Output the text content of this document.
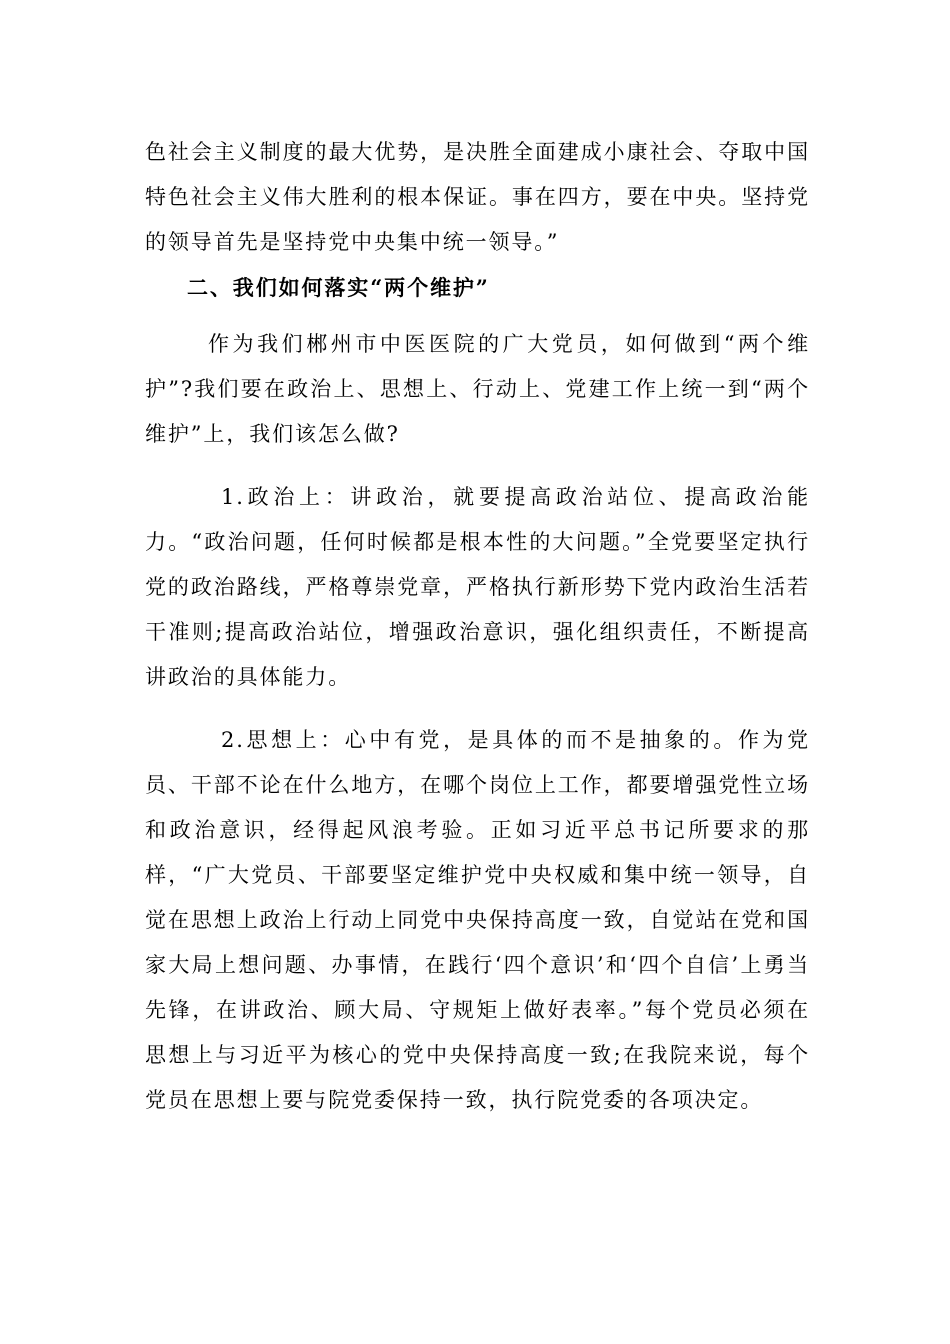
色社会主义制度的最大优势，是决胜全面建成小康社会、夺取中国特色社会主义伟大胜利的根本保证。事在四方，要在中央。坚持党的领导首先是坚持党中央集中统一领导。”

二、我们如何落实“两个维护”

作为我们郴州市中医医院的广大党员，如何做到“两个维护”?我们要在政治上、思想上、行动上、党建工作上统一到“两个维护”上，我们该怎么做?

1.政治上：讲政治，就要提高政治站位、提高政治能力。“政治问题，任何时候都是根本性的大问题。”全党要坚定执行党的政治路线，严格尊崇党章，严格执行新形势下党内政治生活若干准则;提高政治站位，增强政治意识，强化组织责任，不断提高讲政治的具体能力。

2.思想上：心中有党，是具体的而不是抽象的。作为党员、干部不论在什么地方，在哪个岗位上工作，都要增强党性立场和政治意识，经得起风浪考验。正如习近平总书记所要求的那样，“广大党员、干部要坚定维护党中央权威和集中统一领导，自觉在思想上政治上行动上同党中央保持高度一致，自觉站在党和国家大局上想问题、办事情，在践行‘四个意识’和‘四个自信’上勇当先锋，在讲政治、顾大局、守规矩上做好表率。”每个党员必须在思想上与习近平为核心的党中央保持高度一致;在我院来说，每个党员在思想上要与院党委保持一致，执行院党委的各项决定。
